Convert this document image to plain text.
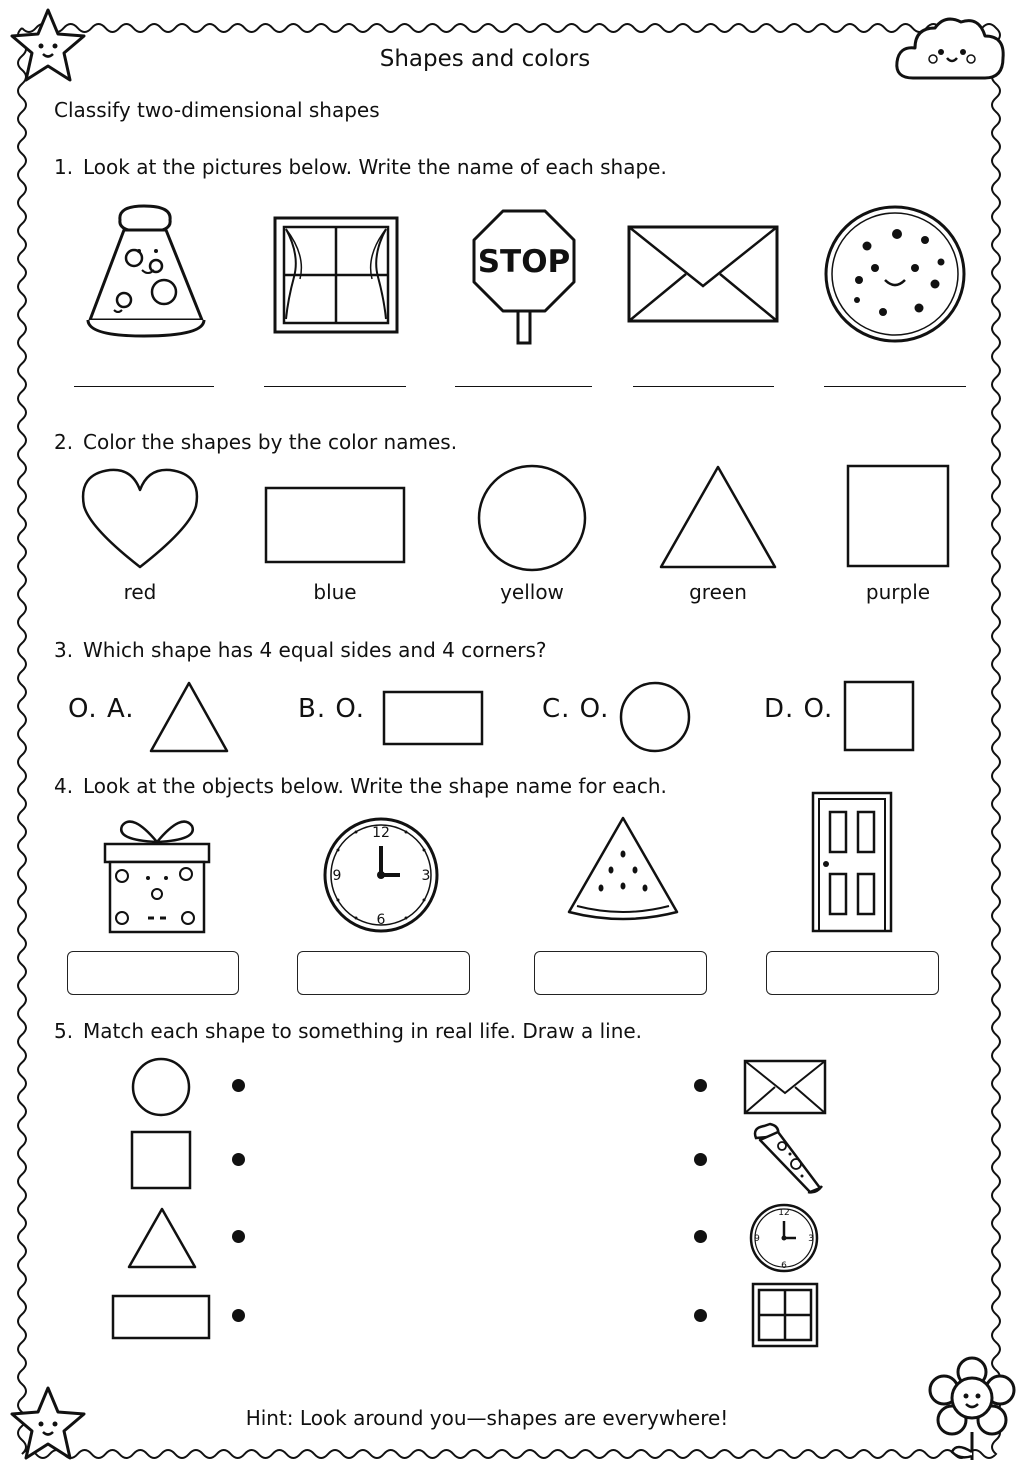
Shapes and colors
Classify two-dimensional shapes
1. Look at the pictures below. Write the name of each shape.
STOP
2. Color the shapes by the color names.
red	blue	yellow	green	purple
3. Which shape has 4 equal sides and 4 corners?
O. A.	B. O.	C. O.	D. O.
4. Look at the objects below. Write the shape name for each.
12
3
6
9
5. Match each shape to something in real life. Draw a line.
12
3
6
9
Hint: Look around you—shapes are everywhere!
